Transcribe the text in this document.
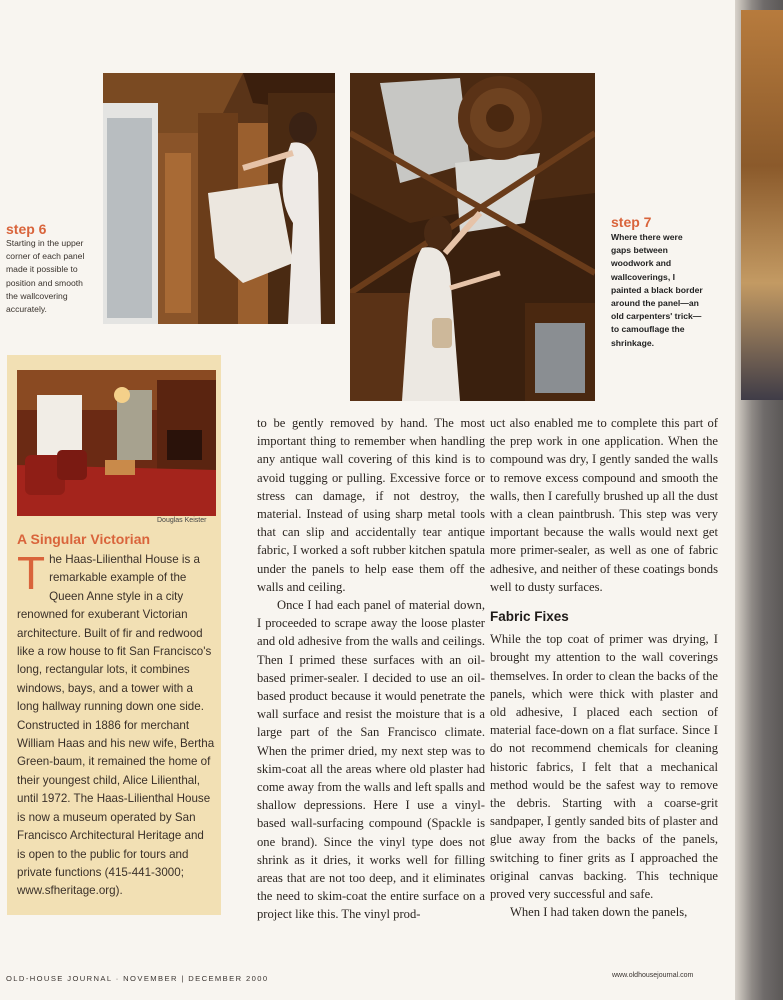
step 6
Starting in the upper corner of each panel made it possible to position and smooth the wallcovering accurately.
step 7
Where there were gaps between woodwork and wallcoverings, I painted a black border around the panel—an old carpenters' trick—to camouflage the shrinkage.
Douglas Keister
A Singular Victorian
The Haas-Lilienthal House is a remarkable example of the Queen Anne style in a city renowned for exuberant Victorian architecture. Built of fir and redwood like a row house to fit San Francisco's long, rectangular lots, it combines windows, bays, and a tower with a long hallway running down one side. Constructed in 1886 for merchant William Haas and his new wife, Bertha Green-baum, it remained the home of their youngest child, Alice Lilienthal, until 1972. The Haas-Lilienthal House is now a museum operated by San Francisco Architectural Heritage and is open to the public for tours and private functions (415-441-3000; www.sfheritage.org).

to be gently removed by hand. The most important thing to remember when handling any antique wall covering of this kind is to avoid tugging or pulling. Excessive force or stress can damage, if not destroy, the material. Instead of using sharp metal tools that can slip and accidentally tear antique fabric, I worked a soft rubber kitchen spatula under the panels to help ease them off the walls and ceiling.

Once I had each panel of material down, I proceeded to scrape away the loose plaster and old adhesive from the walls and ceilings. Then I primed these surfaces with an oil-based primer-sealer. I decided to use an oil-based product because it would penetrate the wall surface and resist the moisture that is a large part of the San Francisco climate. When the primer dried, my next step was to skim-coat all the areas where old plaster had come away from the walls and left spalls and shallow depressions. Here I use a vinyl-based wall-surfacing compound (Spackle is one brand). Since the vinyl type does not shrink as it dries, it works well for filling areas that are not too deep, and it eliminates the need to skim-coat the entire surface on a project like this. The vinyl prod-

uct also enabled me to complete this part of the prep work in one application. When the compound was dry, I gently sanded the walls to remove excess compound and smooth the walls, then I carefully brushed up all the dust with a clean paintbrush. This step was very important because the walls would next get more primer-sealer, as well as one of fabric adhesive, and neither of these coatings bonds well to dusty surfaces.

Fabric Fixes

While the top coat of primer was drying, I brought my attention to the wall coverings themselves. In order to clean the backs of the panels, which were thick with plaster and old adhesive, I placed each section of material face-down on a flat surface. Since I do not recommend chemicals for cleaning historic fabrics, I felt that a mechanical method would be the safest way to remove the debris. Starting with a coarse-grit sandpaper, I gently sanded bits of plaster and glue away from the backs of the panels, switching to finer grits as I approached the original canvas backing. This technique proved very successful and safe.

When I had taken down the panels,

OLD-HOUSE JOURNAL · NOVEMBER | DECEMBER 2000	www.oldhousejournal.com
